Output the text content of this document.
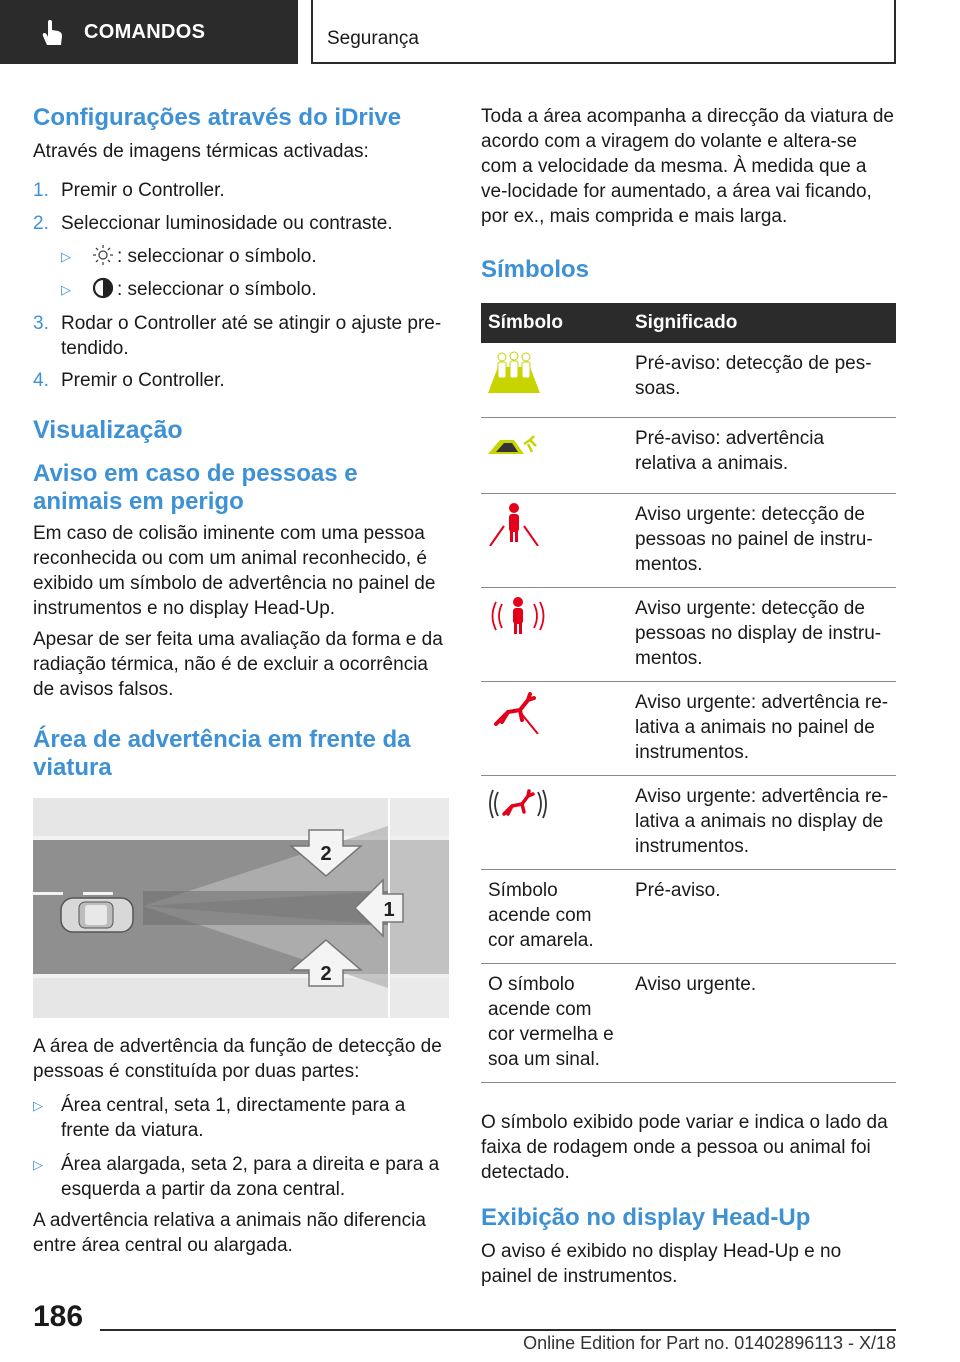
COMANDOS	Segurança
Configurações através do iDrive
Através de imagens térmicas activadas:
1. Premir o Controller.
2. Seleccionar luminosidade ou contraste.
▷	: seleccionar o símbolo.
▷	: seleccionar o símbolo.
3. Rodar o Controller até se atingir o ajuste pre-tendido.
4. Premir o Controller.
Visualização
Aviso em caso de pessoas e animais em perigo
Em caso de colisão iminente com uma pessoa reconhecida ou com um animal reconhecido, é exibido um símbolo de advertência no painel de instrumentos e no display Head-Up.
Apesar de ser feita uma avaliação da forma e da radiação térmica, não é de excluir a ocorrência de avisos falsos.
Área de advertência em frente da viatura
2
1
2
A área de advertência da função de detecção de pessoas é constituída por duas partes:
▷ Área central, seta 1, directamente para a frente da viatura.
▷ Área alargada, seta 2, para a direita e para a esquerda a partir da zona central.
A advertência relativa a animais não diferencia entre área central ou alargada.
Toda a área acompanha a direcção da viatura de acordo com a viragem do volante e altera-se com a velocidade da mesma. À medida que a ve-locidade for aumentado, a área vai ficando, por ex., mais comprida e mais larga.
Símbolos
Símbolo	Significado
	Pré-aviso: detecção de pes-soas.
	Pré-aviso: advertência relativa a animais.
	Aviso urgente: detecção de pessoas no painel de instru-mentos.
	Aviso urgente: detecção de pessoas no display de instru-mentos.
	Aviso urgente: advertência re-lativa a animais no painel de instrumentos.
	Aviso urgente: advertência re-lativa a animais no display de instrumentos.
Símbolo acende com cor amarela.	Pré-aviso.
O símbolo acende com cor vermelha e soa um sinal.	Aviso urgente.
O símbolo exibido pode variar e indica o lado da faixa de rodagem onde a pessoa ou animal foi detectado.
Exibição no display Head-Up
O aviso é exibido no display Head-Up e no painel de instrumentos.
186
Online Edition for Part no. 01402896113 - X/18
